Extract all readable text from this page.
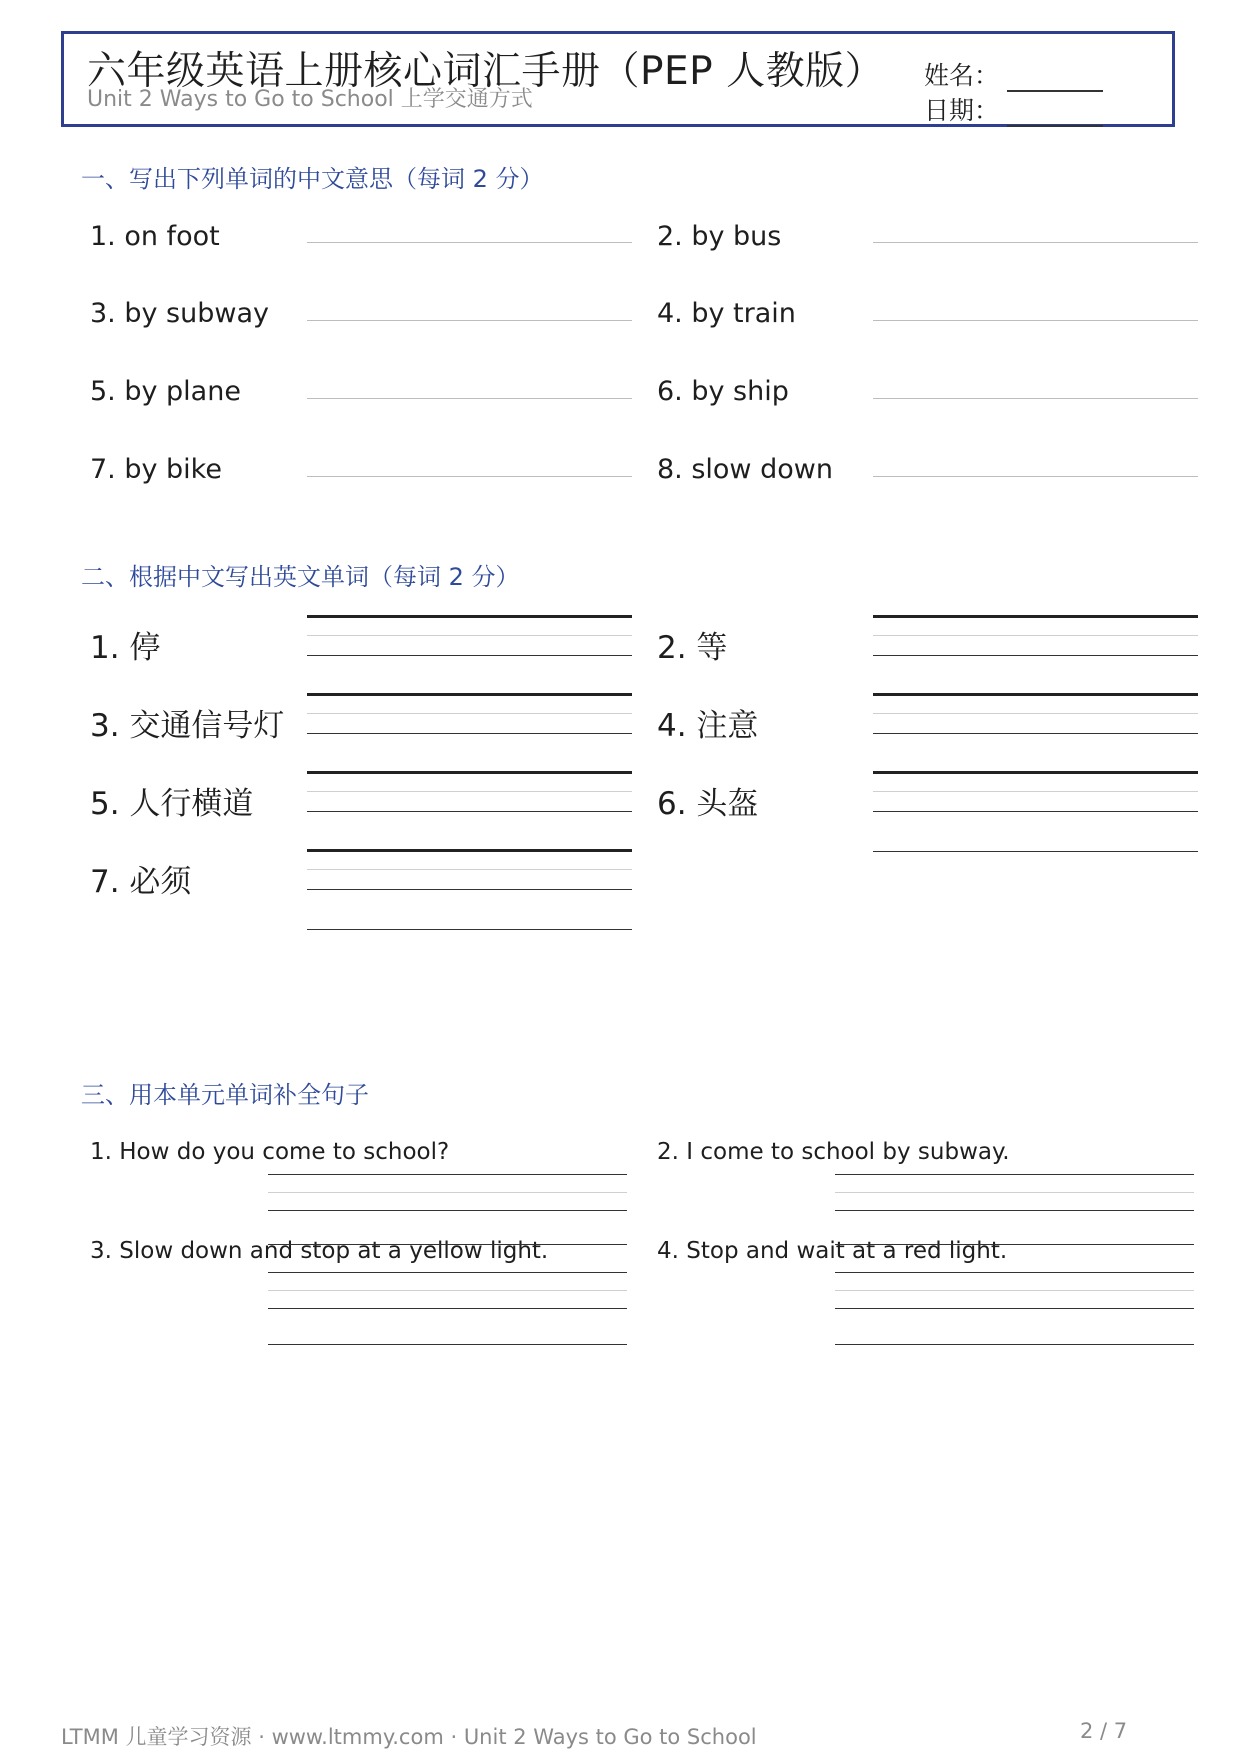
六年级英语上册核心词汇手册（PEP 人教版）
Unit 2 Ways to Go to School 上学交通方式
姓名：
日期：
一、写出下列单词的中文意思（每词 2 分）
1. on foot	2. by bus
3. by subway	4. by train
5. by plane	6. by ship
7. by bike	8. slow down
二、根据中文写出英文单词（每词 2 分）
1. 停	2. 等
3. 交通信号灯	4. 注意
5. 人行横道	6. 头盔
7. 必须
三、用本单元单词补全句子
1. How do you come to school?	2. I come to school by subway.
3. Slow down and stop at a yellow light.	4. Stop and wait at a red light.
LTMM 儿童学习资源 · www.ltmmy.com · Unit 2 Ways to Go to School	2 / 7
